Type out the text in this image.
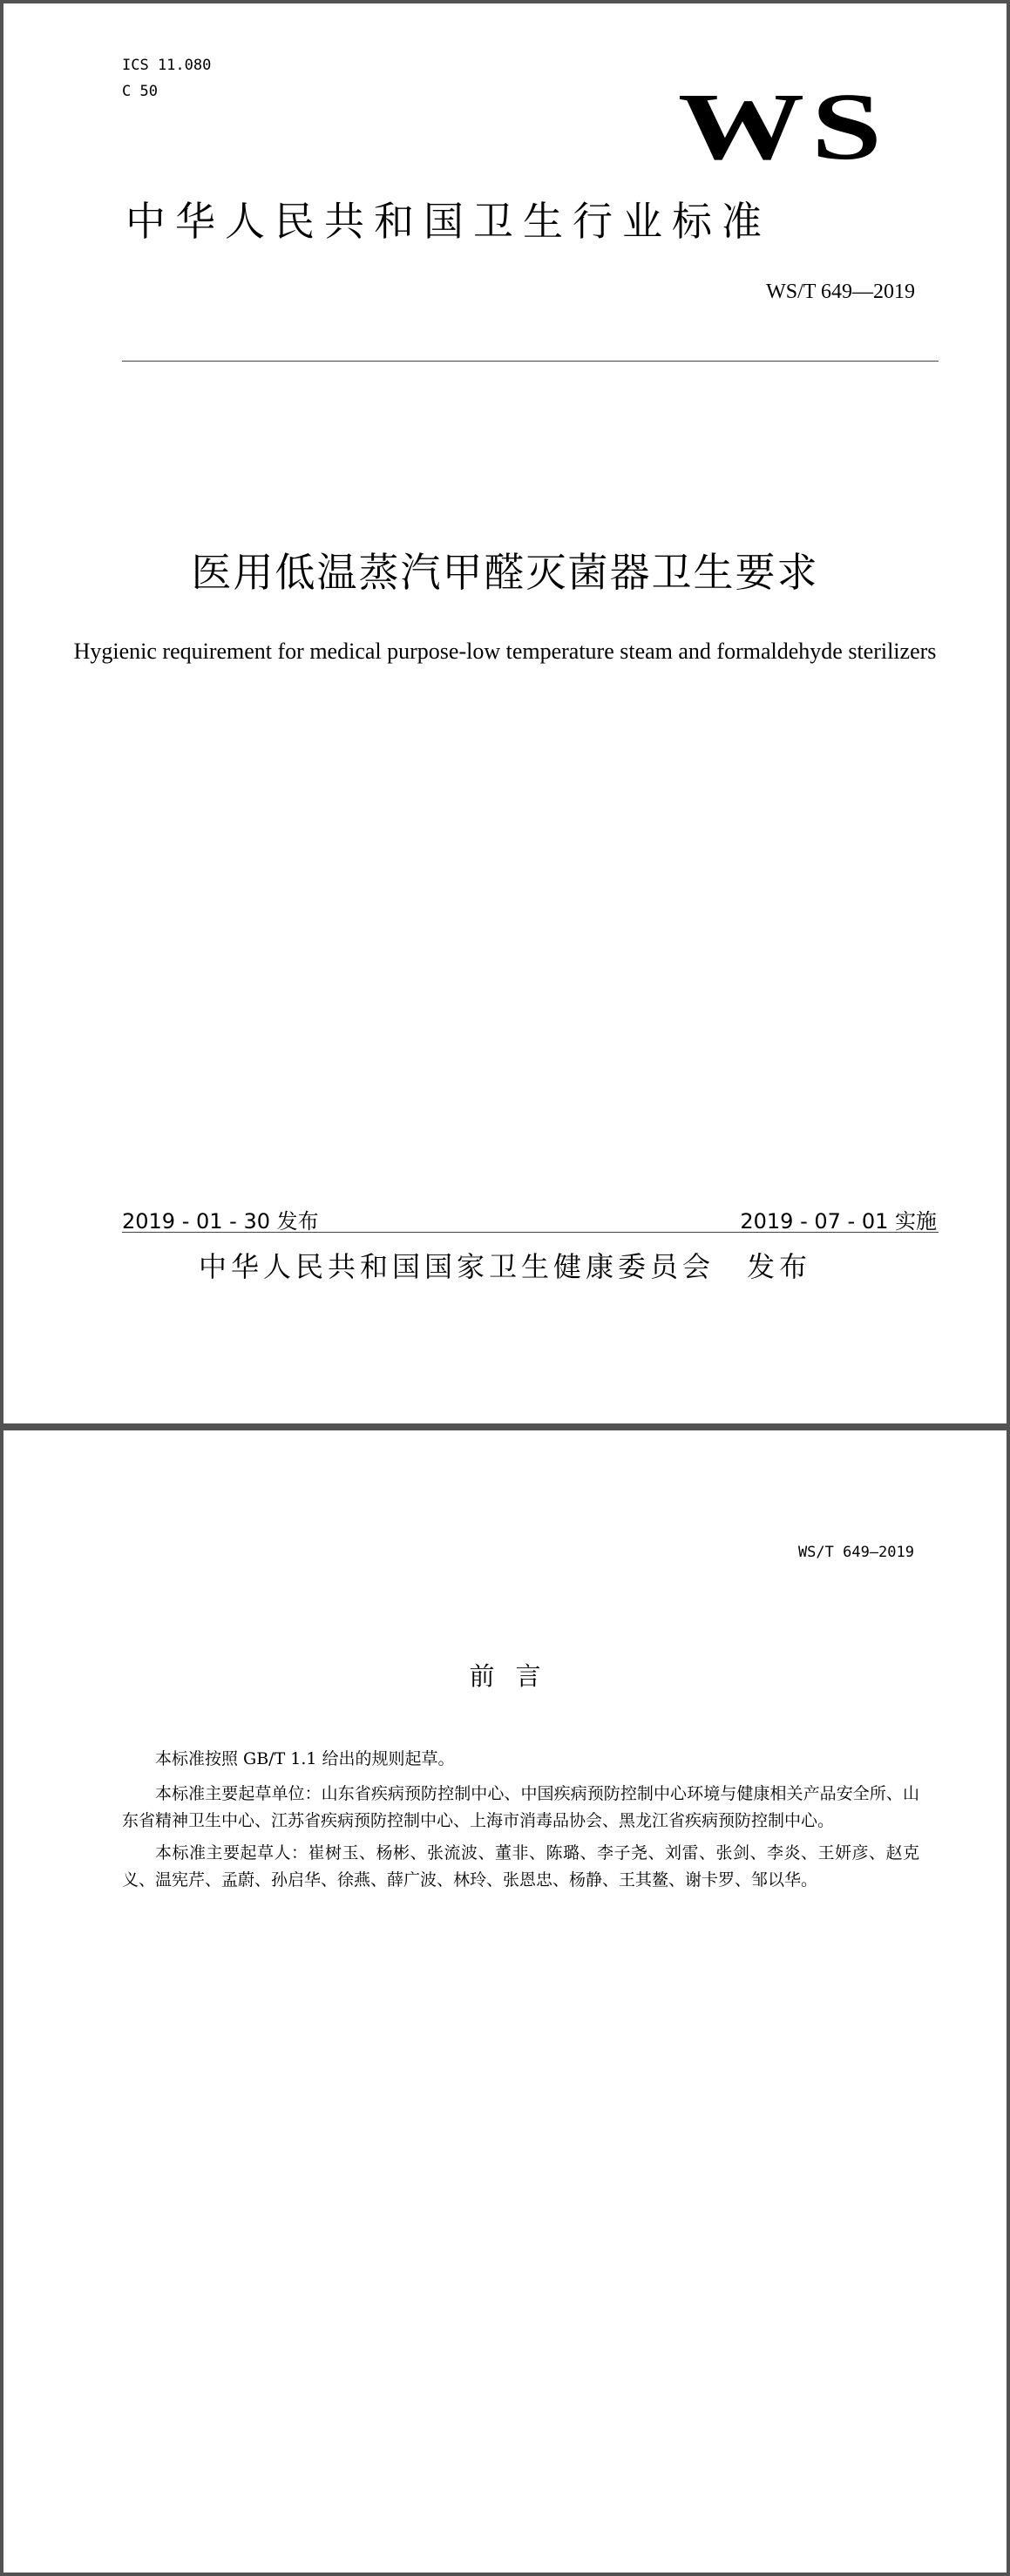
ICS 11.080
C 50	WS
中华人民共和国卫生行业标准
WS/T 649—2019
医用低温蒸汽甲醛灭菌器卫生要求
Hygienic requirement for medical purpose-low temperature steam and formaldehyde sterilizers
2019 - 01 - 30 发布	2019 - 07 - 01 实施
中华人民共和国国家卫生健康委员会　发布
WS/T 649—2019
前言
本标准按照 GB/T 1.1 给出的规则起草。
本标准主要起草单位：山东省疾病预防控制中心、中国疾病预防控制中心环境与健康相关产品安全所、山东省精神卫生中心、江苏省疾病预防控制中心、上海市消毒品协会、黑龙江省疾病预防控制中心。
本标准主要起草人：崔树玉、杨彬、张流波、董非、陈璐、李子尧、刘雷、张剑、李炎、王妍彦、赵克义、温宪芹、孟蔚、孙启华、徐燕、薛广波、林玲、张恩忠、杨静、王其鳌、谢卡罗、邹以华。
